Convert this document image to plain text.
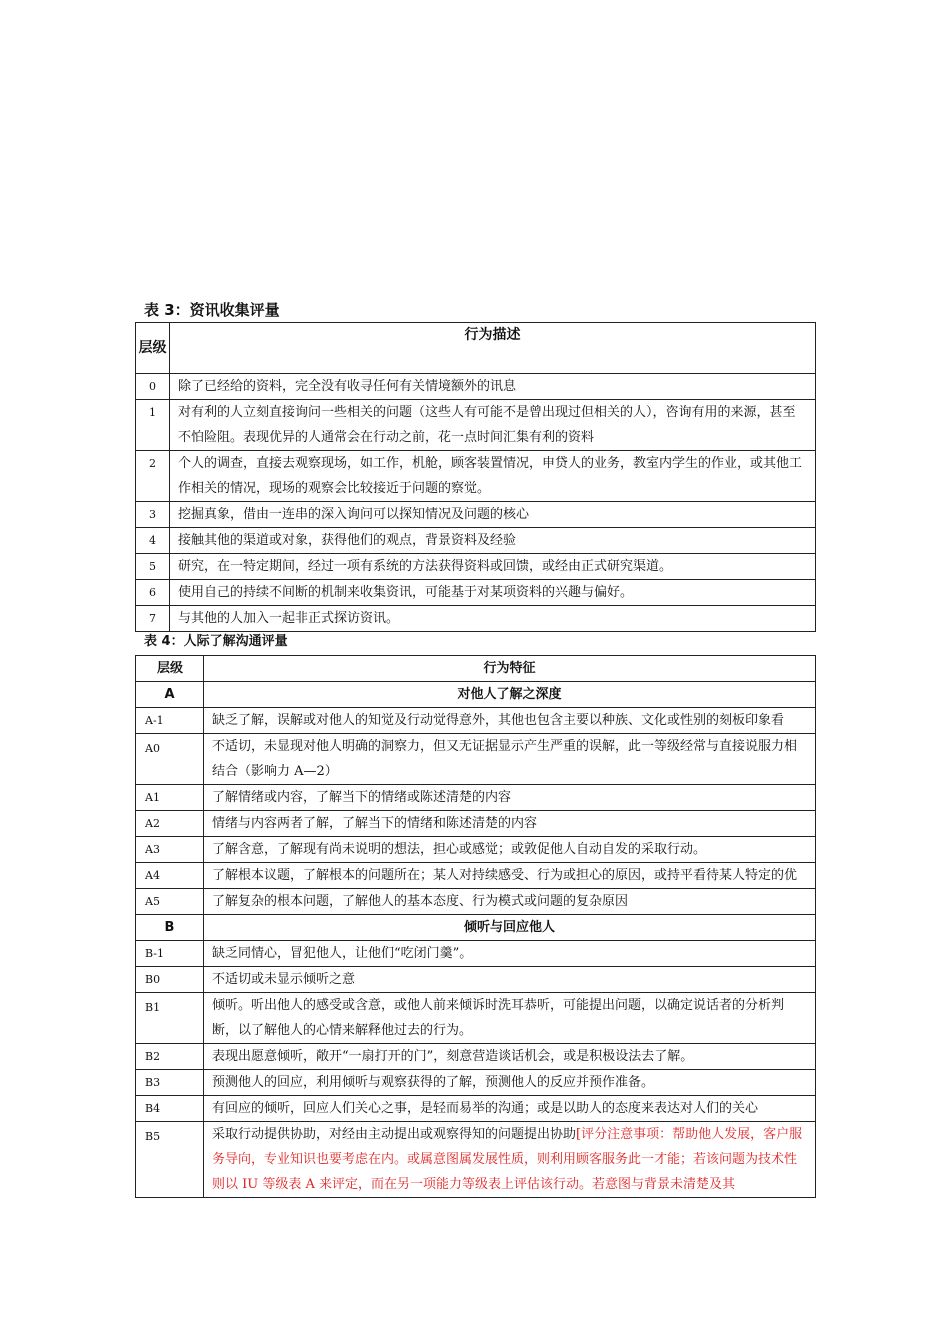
表 3：资讯收集评量
层级	行为描述
0	除了已经给的资料，完全没有收寻任何有关情境额外的讯息
1	对有利的人立刻直接询问一些相关的问题（这些人有可能不是曾出现过但相关的人），咨询有用的来源，甚至不怕险阻。表现优异的人通常会在行动之前，花一点时间汇集有利的资料
2	个人的调查，直接去观察现场，如工作，机舱，顾客装置情况，申贷人的业务，教室内学生的作业，或其他工作相关的情况，现场的观察会比较接近于问题的察觉。
3	挖掘真象，借由一连串的深入询问可以探知情况及问题的核心
4	接触其他的渠道或对象，获得他们的观点，背景资料及经验
5	研究，在一特定期间，经过一项有系统的方法获得资料或回馈，或经由正式研究渠道。
6	使用自己的持续不间断的机制来收集资讯，可能基于对某项资料的兴趣与偏好。
7	与其他的人加入一起非正式探访资讯。
表 4：人际了解沟通评量
层级	行为特征
A	对他人了解之深度
A-1	缺乏了解，误解或对他人的知觉及行动觉得意外，其他也包含主要以种族、文化或性别的刻板印象看
A0	不适切，未显现对他人明确的洞察力，但又无证据显示产生严重的误解，此一等级经常与直接说服力相结合（影响力 A—2）
A1	了解情绪或内容，了解当下的情绪或陈述清楚的内容
A2	情绪与内容两者了解，了解当下的情绪和陈述清楚的内容
A3	了解含意，了解现有尚未说明的想法，担心或感觉；或敦促他人自动自发的采取行动。
A4	了解根本议题，了解根本的问题所在；某人对持续感受、行为或担心的原因，或持平看待某人特定的优
A5	了解复杂的根本问题，了解他人的基本态度、行为模式或问题的复杂原因
B	倾听与回应他人
B-1	缺乏同情心，冒犯他人，让他们“吃闭门羹”。
B0	不适切或未显示倾听之意
B1	倾听。听出他人的感受或含意，或他人前来倾诉时洗耳恭听，可能提出问题，以确定说话者的分析判断，以了解他人的心情来解释他过去的行为。
B2	表现出愿意倾听，敞开“一扇打开的门”，刻意营造谈话机会，或是积极设法去了解。
B3	预测他人的回应，利用倾听与观察获得的了解，预测他人的反应并预作准备。
B4	有回应的倾听，回应人们关心之事，是轻而易举的沟通；或是以助人的态度来表达对人们的关心
B5	采取行动提供协助，对经由主动提出或观察得知的问题提出协助[评分注意事项：帮助他人发展，客户服务导向，专业知识也要考虑在内。或属意图属发展性质，则利用顾客服务此一才能；若该问题为技术性则以 IU 等级表 A 来评定，而在另一项能力等级表上评估该行动。若意图与背景未清楚及其
